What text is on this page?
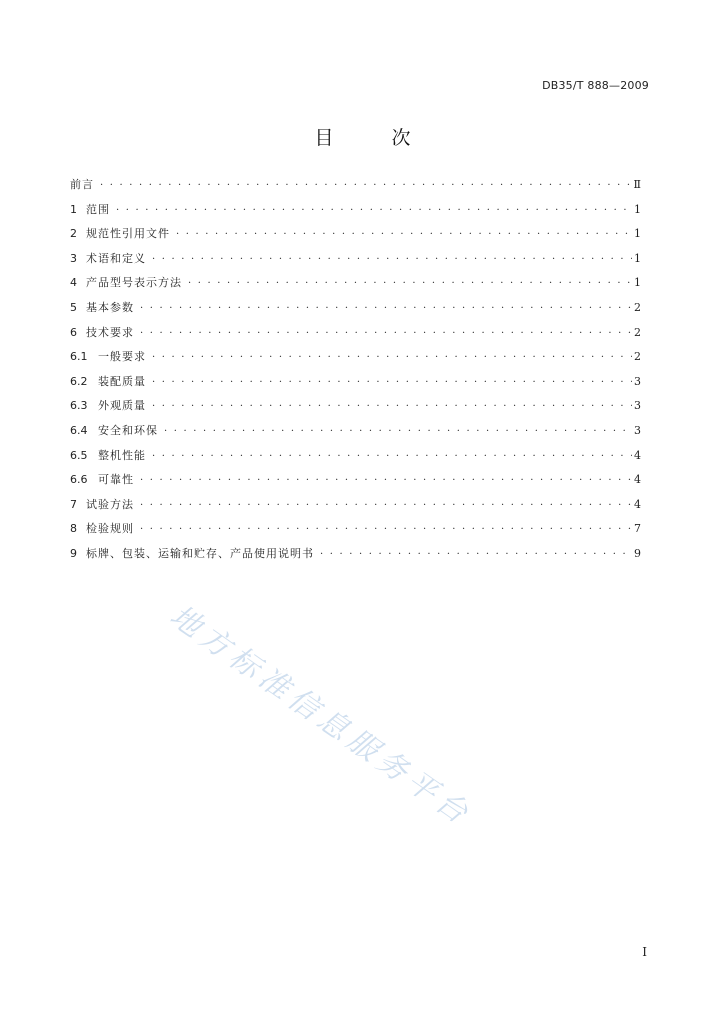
DB35/T 888—2009
目次
前言 · · ·	Ⅱ
1 范围 · · ·	1
2 规范性引用文件 · · ·	1
3 术语和定义 · · ·	1
4 产品型号表示方法 · · ·	1
5 基本参数 · · ·	2
6 技术要求 · · ·	2
6.1 一般要求 · · ·	2
6.2 装配质量 · · ·	3
6.3 外观质量 · · ·	3
6.4 安全和环保 · · ·	3
6.5 整机性能 · · ·	4
6.6 可靠性 · · ·	4
7 试验方法 · · ·	4
8 检验规则 · · ·	7
9 标牌、包装、运输和贮存、产品使用说明书 · · ·	9
地方标准信息服务平台
I
